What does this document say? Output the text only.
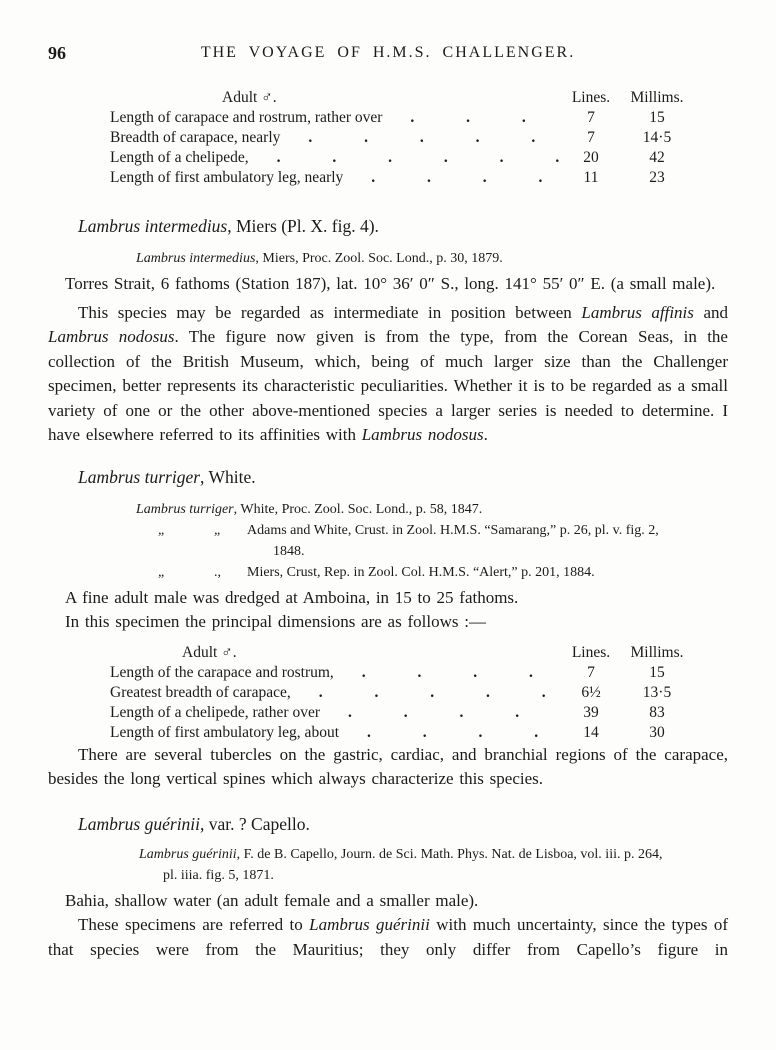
96	THE VOYAGE OF H.M.S. CHALLENGER.
Adult ♂.	Lines.	Millims.
Length of carapace and rostrum, rather over . . .	7	15
Breadth of carapace, nearly . . .	7	14·5
Length of a chelipede, . . .	20	42
Length of first ambulatory leg, nearly . . .	11	23
Lambrus intermedius, Miers (Pl. X. fig. 4).
Lambrus intermedius, Miers, Proc. Zool. Soc. Lond., p. 30, 1879.

Torres Strait, 6 fathoms (Station 187), lat. 10° 36′ 0″ S., long. 141° 55′ 0″ E. (a small male).

This species may be regarded as intermediate in position between Lambrus affinis and Lambrus nodosus. The figure now given is from the type, from the Corean Seas, in the collection of the British Museum, which, being of much larger size than the Challenger specimen, better represents its characteristic peculiarities. Whether it is to be regarded as a small variety of one or the other above-mentioned species a larger series is needed to determine. I have elsewhere referred to its affinities with Lambrus nodosus.

Lambrus turriger, White.
Lambrus turriger, White, Proc. Zool. Soc. Lond., p. 58, 1847.
„	„	Adams and White, Crust. in Zool. H.M.S. “Samarang,” p. 26, pl. v. fig. 2,
1848.
„	.,	Miers, Crust, Rep. in Zool. Col. H.M.S. “Alert,” p. 201, 1884.

A fine adult male was dredged at Amboina, in 15 to 25 fathoms.

In this specimen the principal dimensions are as follows :—

Adult ♂.	Lines.	Millims.
Length of the carapace and rostrum, . . .	7	15
Greatest breadth of carapace, . . .	6½	13·5
Length of a chelipede, rather over . . .	39	83
Length of first ambulatory leg, about . . .	14	30

There are several tubercles on the gastric, cardiac, and branchial regions of the carapace, besides the long vertical spines which always characterize this species.

Lambrus guérinii, var. ? Capello.
Lambrus guérinii, F. de B. Capello, Journ. de Sci. Math. Phys. Nat. de Lisboa, vol. iii. p. 264,
pl. iiia. fig. 5, 1871.

Bahia, shallow water (an adult female and a smaller male).

These specimens are referred to Lambrus guérinii with much uncertainty, since the types of that species were from the Mauritius; they only differ from Capello’s figure in
